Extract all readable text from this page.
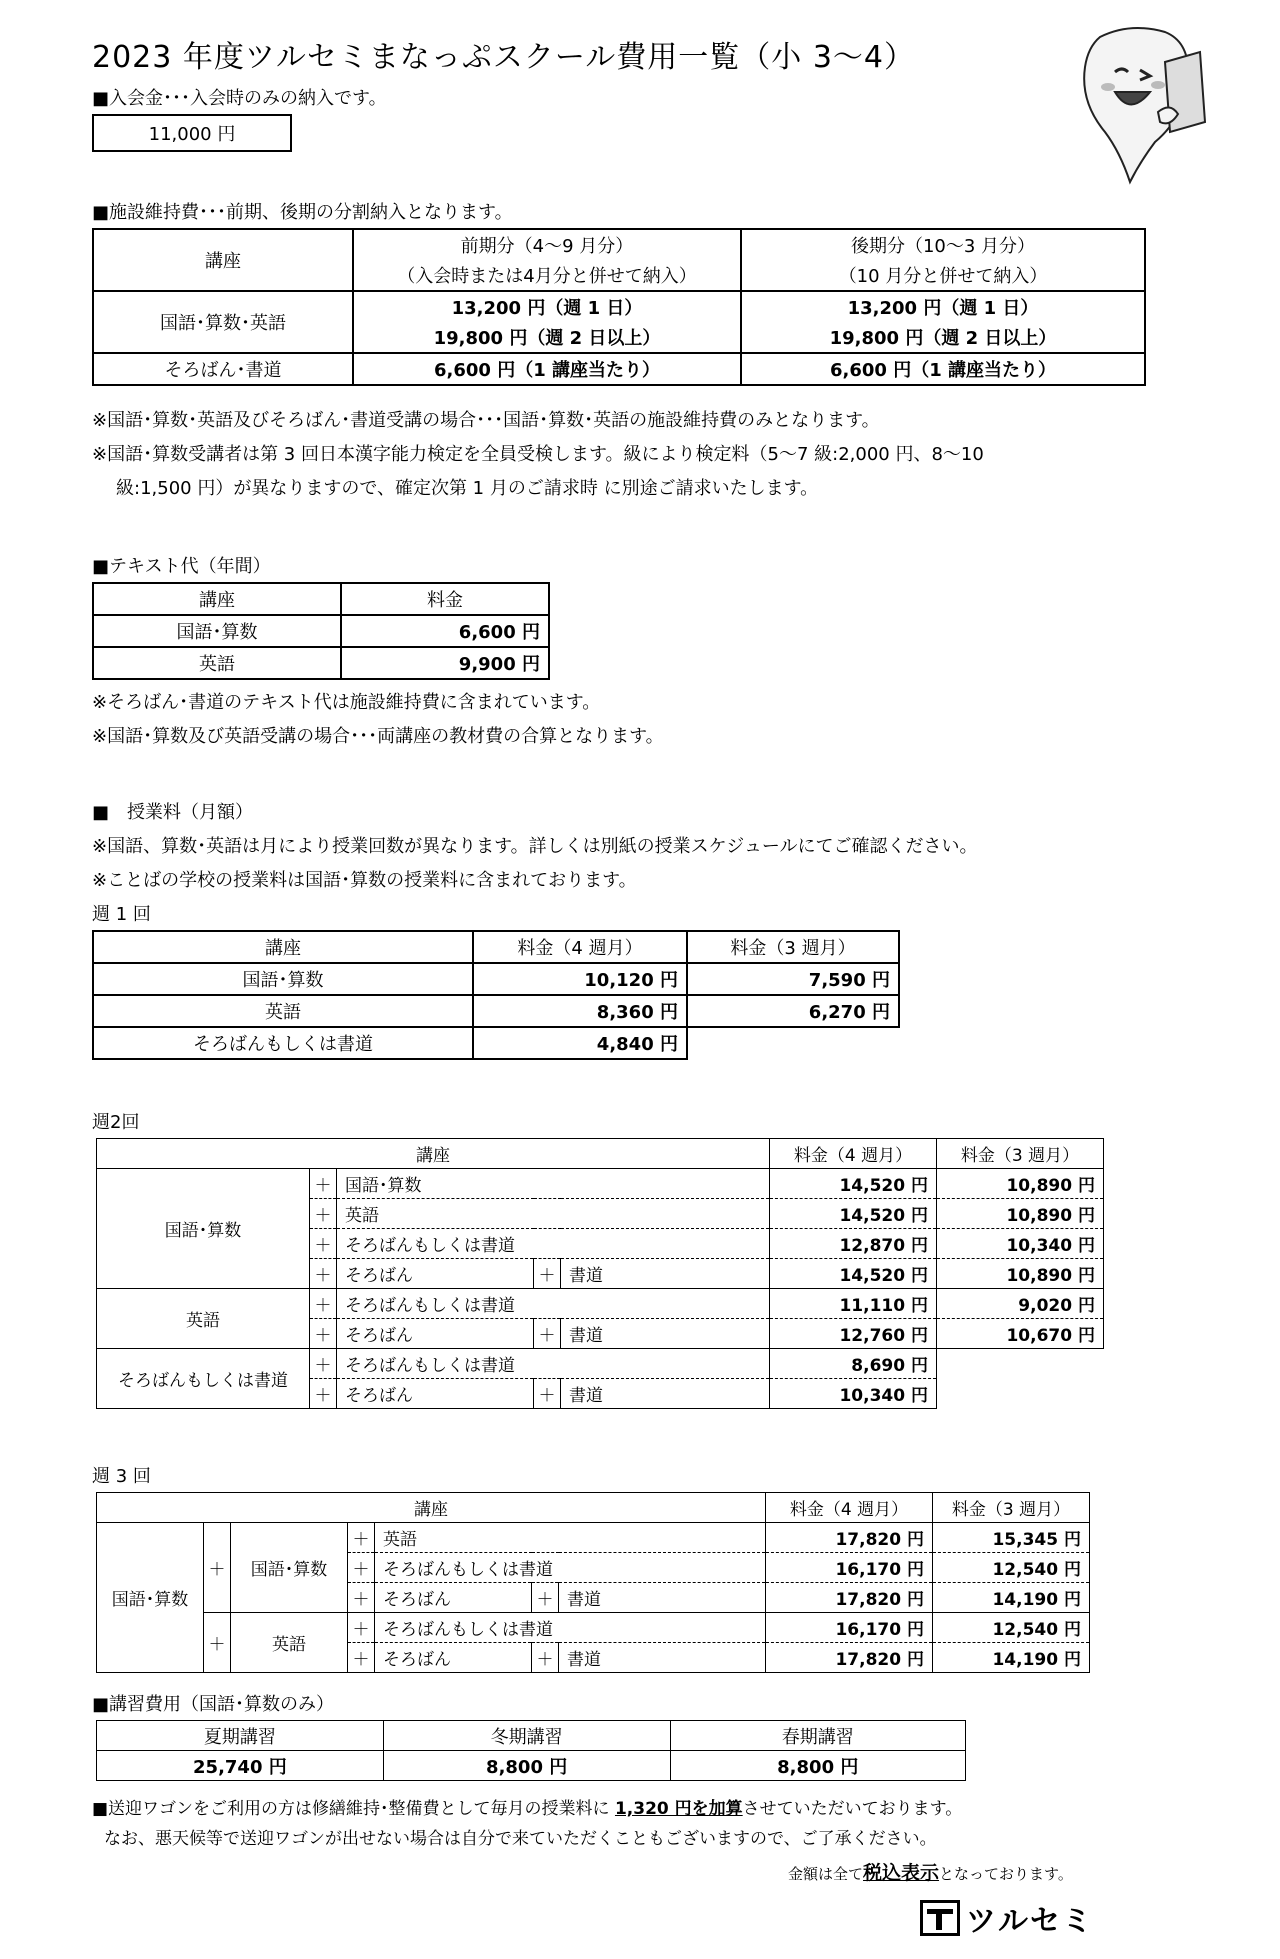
2023 年度ツルセミまなっぷスクール費用一覧（小 3～4）
■入会金･･･入会時のみの納入です。
11,000 円
■施設維持費･･･前期、後期の分割納入となります。
講座	前期分（4～9 月分）	後期分（10～3 月分）
	（入会時または4月分と併せて納入）	（10 月分と併せて納入）
国語･算数･英語	13,200 円（週 1 日）	13,200 円（週 1 日）
	19,800 円（週 2 日以上）	19,800 円（週 2 日以上）
そろばん･書道	6,600 円（1 講座当たり）	6,600 円（1 講座当たり）
※国語･算数･英語及びそろばん･書道受講の場合･･･国語･算数･英語の施設維持費のみとなります。
※国語･算数受講者は第 3 回日本漢字能力検定を全員受検します。級により検定料（5～7 級:2,000 円、8～10
級:1,500 円）が異なりますので、確定次第 1 月のご請求時 に別途ご請求いたします。
■テキスト代（年間）
講座	料金
国語･算数	6,600 円
英語	9,900 円
※そろばん･書道のテキスト代は施設維持費に含まれています。
※国語･算数及び英語受講の場合･･･両講座の教材費の合算となります。
■　授業料（月額）
※国語、算数･英語は月により授業回数が異なります。詳しくは別紙の授業スケジュールにてご確認ください。
※ことばの学校の授業料は国語･算数の授業料に含まれております。
週 1 回
講座	料金（4 週月）	料金（3 週月）
国語･算数	10,120 円	7,590 円
英語	8,360 円	6,270 円
そろばんもしくは書道	4,840 円	
週2回
講座					料金（4 週月）	料金（3 週月）
国語･算数	＋	国語･算数			14,520 円	10,890 円
	＋	英語			14,520 円	10,890 円
	＋	そろばんもしくは書道			12,870 円	10,340 円
	＋	そろばん	＋	書道	14,520 円	10,890 円
英語	＋	そろばんもしくは書道			11,110 円	9,020 円
	＋	そろばん	＋	書道	12,760 円	10,670 円
そろばんもしくは書道	＋	そろばんもしくは書道			8,690 円	
	＋	そろばん	＋	書道	10,340 円	
週 3 回
講座							料金（4 週月）	料金（3 週月）
国語･算数	＋	国語･算数	＋	英語			17,820 円	15,345 円
			＋	そろばんもしくは書道			16,170 円	12,540 円
			＋	そろばん	＋	書道	17,820 円	14,190 円
	＋	英語	＋	そろばんもしくは書道			16,170 円	12,540 円
			＋	そろばん	＋	書道	17,820 円	14,190 円
■講習費用（国語･算数のみ）
夏期講習	冬期講習	春期講習
25,740 円	8,800 円	8,800 円
■送迎ワゴンをご利用の方は修繕維持･整備費として毎月の授業料に 1,320 円を加算させていただいております。
なお、悪天候等で送迎ワゴンが出せない場合は自分で来ていただくこともございますので、ご了承ください。
金額は全て税込表示となっております。
ツルセミ
